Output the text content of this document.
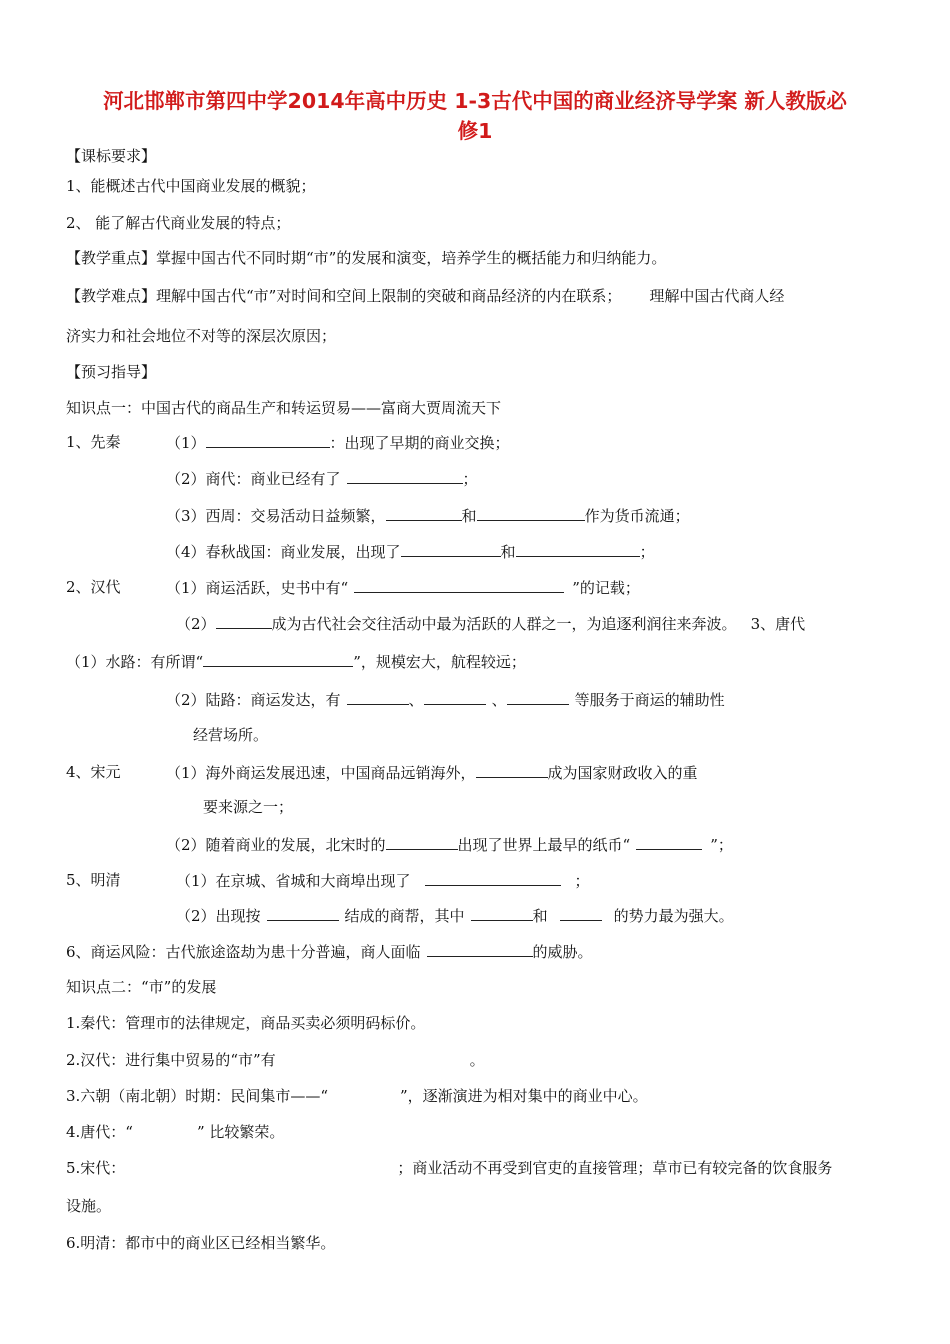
河北邯郸市第四中学2014年高中历史 1-3古代中国的商业经济导学案 新人教版必
修1
【课标要求】
1、能概述古代中国商业发展的概貌；
2、 能了解古代商业发展的特点；
【教学重点】掌握中国古代不同时期“市”的发展和演变，培养学生的概括能力和归纳能力。
【教学难点】理解中国古代“市”对时间和空间上限制的突破和商品经济的内在联系； 理解中国古代商人经
济实力和社会地位不对等的深层次原因；
【预习指导】
知识点一：中国古代的商品生产和转运贸易——富商大贾周流天下
1、先秦	（1）	：出现了早期的商业交换；
（2）商代：商业已经有了	；
（3）西周：交易活动日益频繁，	和	作为货币流通；
（4）春秋战国：商业发展，出现了	和	；
2、汉代	（1）商运活跃，史书中有“	”的记载；
（2）	成为古代社会交往活动中最为活跃的人群之一，为追逐利润往来奔波。 3、唐代
（1）水路：有所谓“	”，规模宏大，航程较远；
（2）陆路：商运发达，有	、	、	等服务于商运的辅助性
经营场所。
4、宋元	（1）海外商运发展迅速，中国商品远销海外，	成为国家财政收入的重
要来源之一；
（2）随着商业的发展，北宋时的	出现了世界上最早的纸币“	”；
5、明清	（1）在京城、省城和大商埠出现了	；
（2）出现按	结成的商帮，其中	和	的势力最为强大。
6、商运风险：古代旅途盗劫为患十分普遍，商人面临	的威胁。
知识点二：“市”的发展
1.秦代：管理市的法律规定，商品买卖必须明码标价。
2.汉代：进行集中贸易的“市”有	。
3.六朝（南北朝）时期：民间集市——“	”，逐渐演进为相对集中的商业中心。
4.唐代：“	” 比较繁荣。
5.宋代：	；商业活动不再受到官吏的直接管理；草市已有较完备的饮食服务
设施。
6.明清：都市中的商业区已经相当繁华。
